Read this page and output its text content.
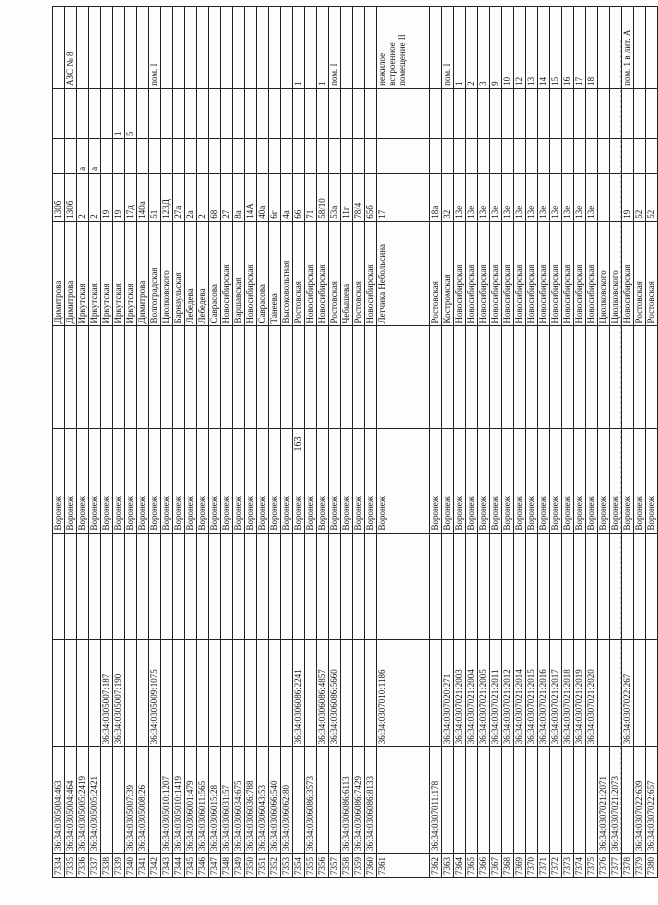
163
7334	36:34:0305004:463			Воронеж		Димитрова	130б			
7335	36:34:0305004:464			Воронеж		Димитрова	130б			АЗС № 8
7336	36:34:0305005:2419			Воронеж		Иркутская	2	а		
7337	36:34:0305005:2421			Воронеж		Иркутская	2	а		
7338		36:34:0305007:187		Воронеж		Иркутская	19			
7339		36:34:0305007:190		Воронеж		Иркутская	19		1	
7340	36:34:0305007:39			Воронеж		Иркутская	17д		5	
7341	36:34:0305008:26			Воронеж		Димитрова	140а			
7342		36:34:0305009:1075		Воронеж		Волгоградская	51			пом. I
7343	36:34:0305010:1207			Воронеж		Циолковского	123Д			
7344	36:34:0305010:1419			Воронеж		Барнаульская	27а			
7345	36:34:0306001:479			Воронеж		Лебедева	2а			
7346	36:34:0306011:565			Воронеж		Лебедева	2			
7347	36:34:0306015:28			Воронеж		Саврасова	68			
7348	36:34:0306031:57			Воронеж		Новосибирская	27			
7349	36:34:0306034:675			Воронеж		Варшавская	8а			
7350	36:34:0306036:788			Воронеж		Новосибирская	14А			
7351	36:34:0306043:53			Воронеж		Саврасова	40а			
7352	36:34:0306066:540			Воронеж		Танеева	6г			
7353	36:34:0306062:80			Воронеж		Высоковольтная	4а			
7354		36:34:0306086:2241		Воронеж		Ростовская	66			1
7355	36:34:0306086:3573			Воронеж		Новосибирская	71			
7356		36:34:0306086:4857		Воронеж		Новосибирская	58/10			1
7357		36:34:0306086:5660		Воронеж		Ростовская	53а			пом. I
7358	36:34:0306086:6113			Воронеж		Чебышева	11г			
7359	36:34:0306086:7429			Воронеж		Ростовская	78/4			
7360	36:34:0306086:8133			Воронеж		Новосибирская	65б			
7361		36:34:0307010:1186		Воронеж		Летчика Небольсина	17			нежилое встроенное помещение II
7362	36:34:0307011:178			Воронеж		Ростовская	18а			
7363		36:34:0307020:271		Воронеж		Костромская	32			пом. I
7364		36:34:0307021:2003		Воронеж		Новосибирская	13е			1
7365		36:34:0307021:2004		Воронеж		Новосибирская	13е			2
7366		36:34:0307021:2005		Воронеж		Новосибирская	13е			3
7367		36:34:0307021:2011		Воронеж		Новосибирская	13е			9
7368		36:34:0307021:2012		Воронеж		Новосибирская	13е			10
7369		36:34:0307021:2014		Воронеж		Новосибирская	13е			12
7370		36:34:0307021:2015		Воронеж		Новосибирская	13е			13
7371		36:34:0307021:2016		Воронеж		Новосибирская	13е			14
7372		36:34:0307021:2017		Воронеж		Новосибирская	13е			15
7373		36:34:0307021:2018		Воронеж		Новосибирская	13е			16
7374		36:34:0307021:2019		Воронеж		Новосибирская	13е			17
7375		36:34:0307021:2020		Воронеж		Новосибирская	13е			18
7376	36:34:0307021:2071			Воронеж		Циолковского				
7377	36:34:0307021:2073			Воронеж		Циолковского				
7378		36:34:0307022:267		Воронеж		Новосибирская	19			пом. 1 в лит. А
7379	36:34:0307022:639			Воронеж		Ростовская	52			
7380	36:34:0307022:657			Воронеж		Ростовская	52			
